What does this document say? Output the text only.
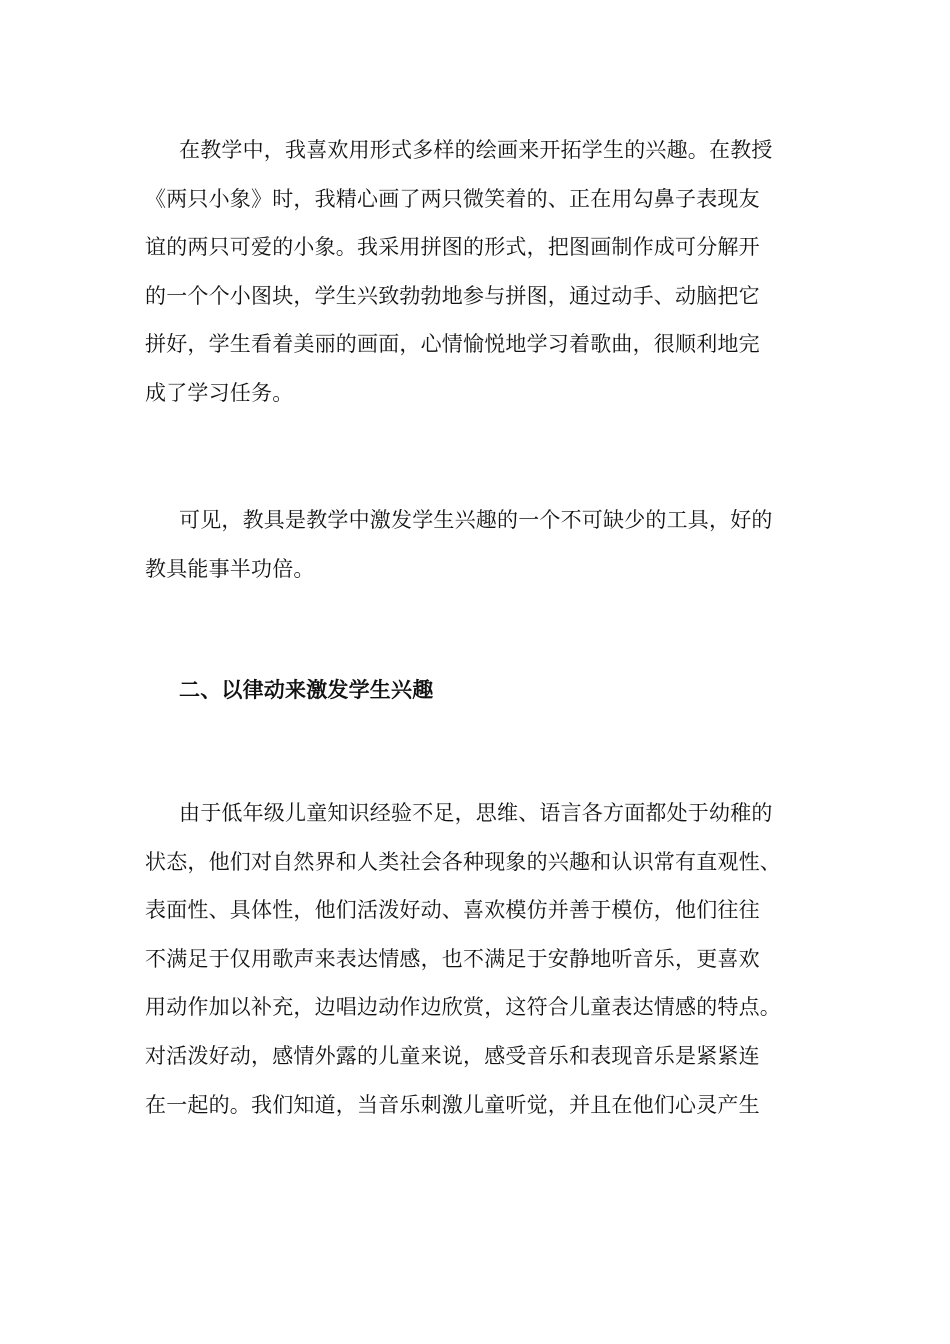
在教学中，我喜欢用形式多样的绘画来开拓学生的兴趣。在教授
《两只小象》时，我精心画了两只微笑着的、正在用勾鼻子表现友
谊的两只可爱的小象。我采用拼图的形式，把图画制作成可分解开
的一个个小图块，学生兴致勃勃地参与拼图，通过动手、动脑把它
拼好，学生看着美丽的画面，心情愉悦地学习着歌曲，很顺利地完
成了学习任务。
可见，教具是教学中激发学生兴趣的一个不可缺少的工具，好的
教具能事半功倍。
二、以律动来激发学生兴趣
由于低年级儿童知识经验不足，思维、语言各方面都处于幼稚的
状态，他们对自然界和人类社会各种现象的兴趣和认识常有直观性、
表面性、具体性，他们活泼好动、喜欢模仿并善于模仿，他们往往
不满足于仅用歌声来表达情感，也不满足于安静地听音乐，更喜欢
用动作加以补充，边唱边动作边欣赏，这符合儿童表达情感的特点。
对活泼好动，感情外露的儿童来说，感受音乐和表现音乐是紧紧连
在一起的。我们知道，当音乐刺激儿童听觉，并且在他们心灵产生
